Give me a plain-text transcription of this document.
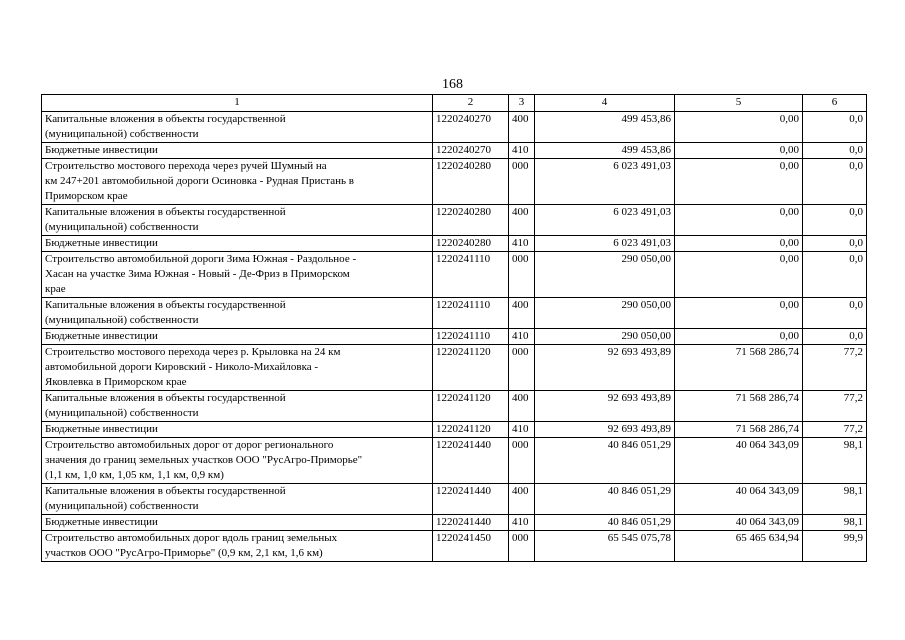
168
1	2	3	4	5	6
Капитальные вложения в объекты государственной
(муниципальной) собственности	1220240270	400	499 453,86	0,00	0,0
Бюджетные инвестиции	1220240270	410	499 453,86	0,00	0,0
Строительство мостового перехода через ручей Шумный на
км 247+201 автомобильной дороги Осиновка - Рудная Пристань в
Приморском крае	1220240280	000	6 023 491,03	0,00	0,0
Капитальные вложения в объекты государственной
(муниципальной) собственности	1220240280	400	6 023 491,03	0,00	0,0
Бюджетные инвестиции	1220240280	410	6 023 491,03	0,00	0,0
Строительство автомобильной дороги Зима Южная - Раздольное -
Хасан на участке Зима Южная - Новый - Де-Фриз в Приморском
крае	1220241110	000	290 050,00	0,00	0,0
Капитальные вложения в объекты государственной
(муниципальной) собственности	1220241110	400	290 050,00	0,00	0,0
Бюджетные инвестиции	1220241110	410	290 050,00	0,00	0,0
Строительство мостового перехода через р. Крыловка на 24 км
автомобильной дороги Кировский - Николо-Михайловка -
Яковлевка в Приморском крае	1220241120	000	92 693 493,89	71 568 286,74	77,2
Капитальные вложения в объекты государственной
(муниципальной) собственности	1220241120	400	92 693 493,89	71 568 286,74	77,2
Бюджетные инвестиции	1220241120	410	92 693 493,89	71 568 286,74	77,2
Строительство автомобильных дорог от дорог регионального
значения до границ земельных участков ООО "РусАгро-Приморье"
(1,1 км, 1,0 км, 1,05 км, 1,1 км, 0,9 км)	1220241440	000	40 846 051,29	40 064 343,09	98,1
Капитальные вложения в объекты государственной
(муниципальной) собственности	1220241440	400	40 846 051,29	40 064 343,09	98,1
Бюджетные инвестиции	1220241440	410	40 846 051,29	40 064 343,09	98,1
Строительство автомобильных дорог вдоль границ земельных
участков ООО "РусАгро-Приморье" (0,9 км, 2,1 км, 1,6 км)	1220241450	000	65 545 075,78	65 465 634,94	99,9
